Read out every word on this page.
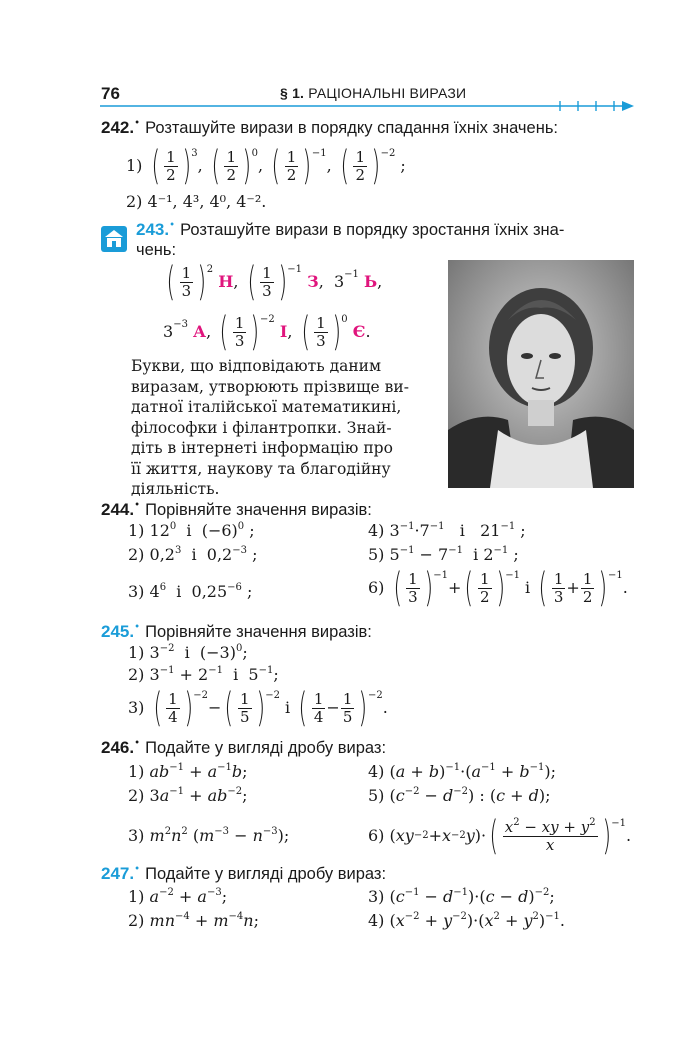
76	§ 1. РАЦІОНАЛЬНІ ВИРАЗИ
242.• Розташуйте вирази в порядку спадання їхніх значень:
1)
( $\frac{1}{2}$ ) 3
, ( $\frac{1}{2}$ ) 0
, ( $\frac{1}{2}$ ) −1
, ( $\frac{1}{2}$ ) −2
;
2) 4⁻¹, 4³, 4⁰, 4⁻².
243.• Розташуйте вирази в порядку зростання їхніх зна-
чень:
( $\frac{1}{3}$ ) 2

Н , ( $\frac{1}{3}$ ) −1

З ,  3 −1
Ь ,
3 −3
А , ( $\frac{1}{3}$ ) −2

І , ( $\frac{1}{3}$ ) 0

Є .
Букви, що відповідають даним
виразам, утворюють прізвище ви-
датної італійської математикині,
філософки і філантропки. Знай-
діть в інтернеті інформацію про
її життя, наукову та благодійну
діяльність.
244.• Порівняйте значення виразів:
1) $12^0$  і  $(-6)^0$ ;	4) $3^{-1}\cdot 7^{-1}$   і   $21^{-1}$ ;
2) $0,2^3$  і  $0,2^{-3}$ ;	5) $5^{-1} - 7^{-1}$  і $2^{-1}$ ;
3) $4^6$  і  $0,25^{-6}$ ;	6) ( $\frac{1}{3}$ ) −1
+ ( $\frac{1}{2}$ ) −1
і ( $\frac{1}{3} + \frac{1}{2}$ ) −1
.
245.• Порівняйте значення виразів:
1) $3^{-2}$  і  $(-3)^0$;
2) $3^{-1} + 2^{-1}$  і  $5^{-1}$;
3) ( $\frac{1}{4}$ ) −2
− ( $\frac{1}{5}$ ) −2
і ( $\frac{1}{4} - \frac{1}{5}$ ) −2
.
246.• Подайте у вигляді дробу вираз:
1) $ab^{-1} + a^{-1}b$;	4) $(a + b)^{-1}\cdot(a^{-1} + b^{-1})$;
2) $3a^{-1} + ab^{-2}$;	5) $(c^{-2} - d^{-2})$ : (c + d);
3) $m^2n^2$ $(m^{-3} - n^{-3})$;	6) ( xy −2 + x −2 y )· ( $\frac{x^2 - xy + y^2}{x}$ ) −1
.
247.• Подайте у вигляді дробу вираз:
1) $a^{-2} + a^{-3}$;	3) $(c^{-1} - d^{-1})\cdot(c - d)^{-2}$;
2) $mn^{-4} + m^{-4}n$;	4) $(x^{-2} + y^{-2})\cdot(x^2 + y^2)^{-1}$.
